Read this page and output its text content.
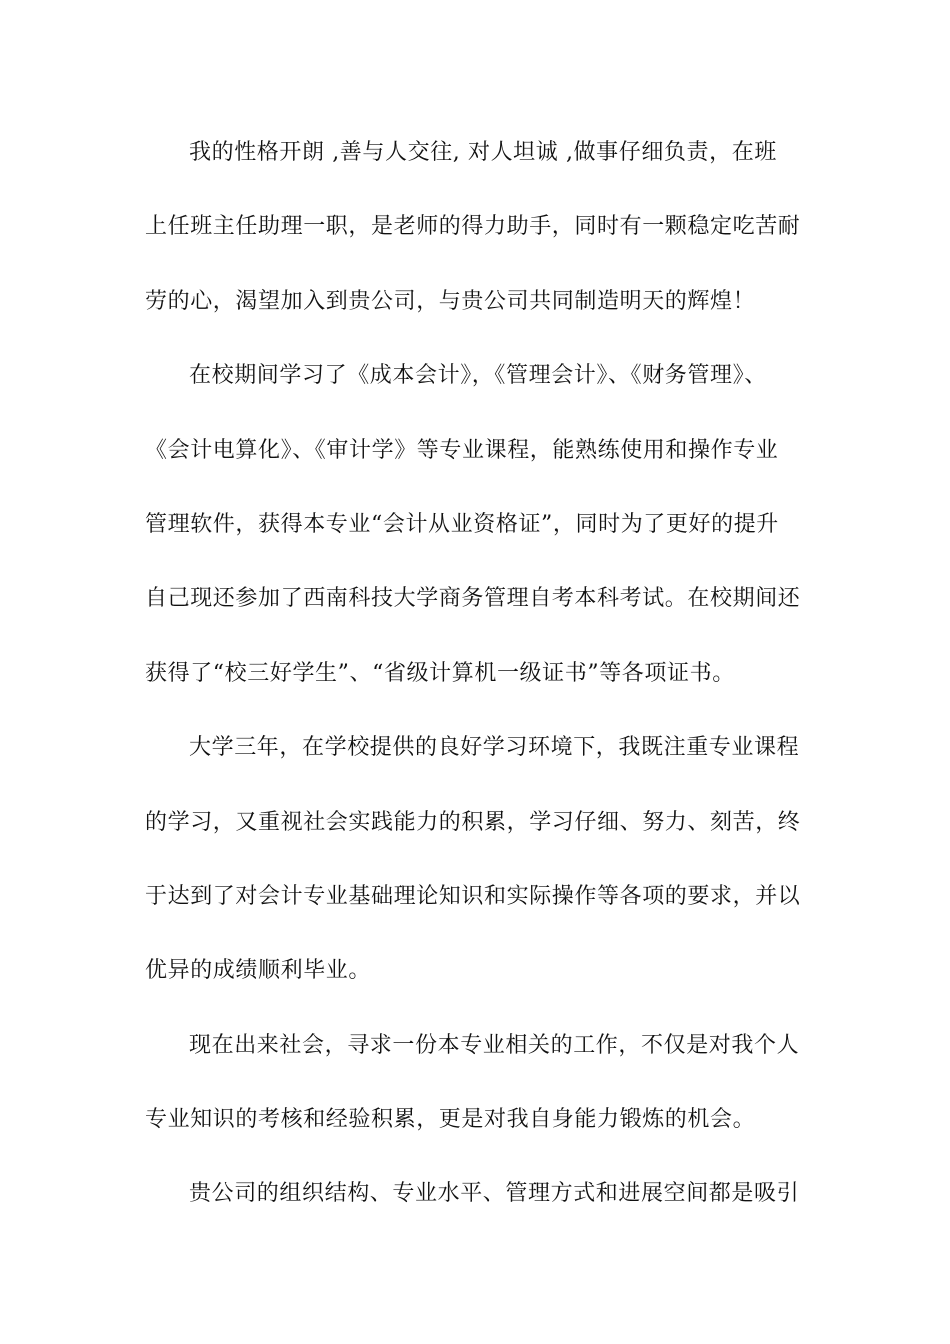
我的性格开朗 ,善与人交往, 对人坦诚 ,做事仔细负责，在班
上任班主任助理一职，是老师的得力助手，同时有一颗稳定吃苦耐
劳的心，渴望加入到贵公司，与贵公司共同制造明天的辉煌！
在校期间学习了《成本会计》，《管理会计》、《财务管理》、
《会计电算化》、《审计学》等专业课程，能熟练使用和操作专业
管理软件，获得本专业“会计从业资格证”，同时为了更好的提升
自己现还参加了西南科技大学商务管理自考本科考试。在校期间还
获得了“校三好学生”、“省级计算机一级证书”等各项证书。
大学三年，在学校提供的良好学习环境下，我既注重专业课程
的学习，又重视社会实践能力的积累，学习仔细、努力、刻苦，终
于达到了对会计专业基础理论知识和实际操作等各项的要求，并以
优异的成绩顺利毕业。
现在出来社会，寻求一份本专业相关的工作，不仅是对我个人
专业知识的考核和经验积累，更是对我自身能力锻炼的机会。
贵公司的组织结构、专业水平、管理方式和进展空间都是吸引
